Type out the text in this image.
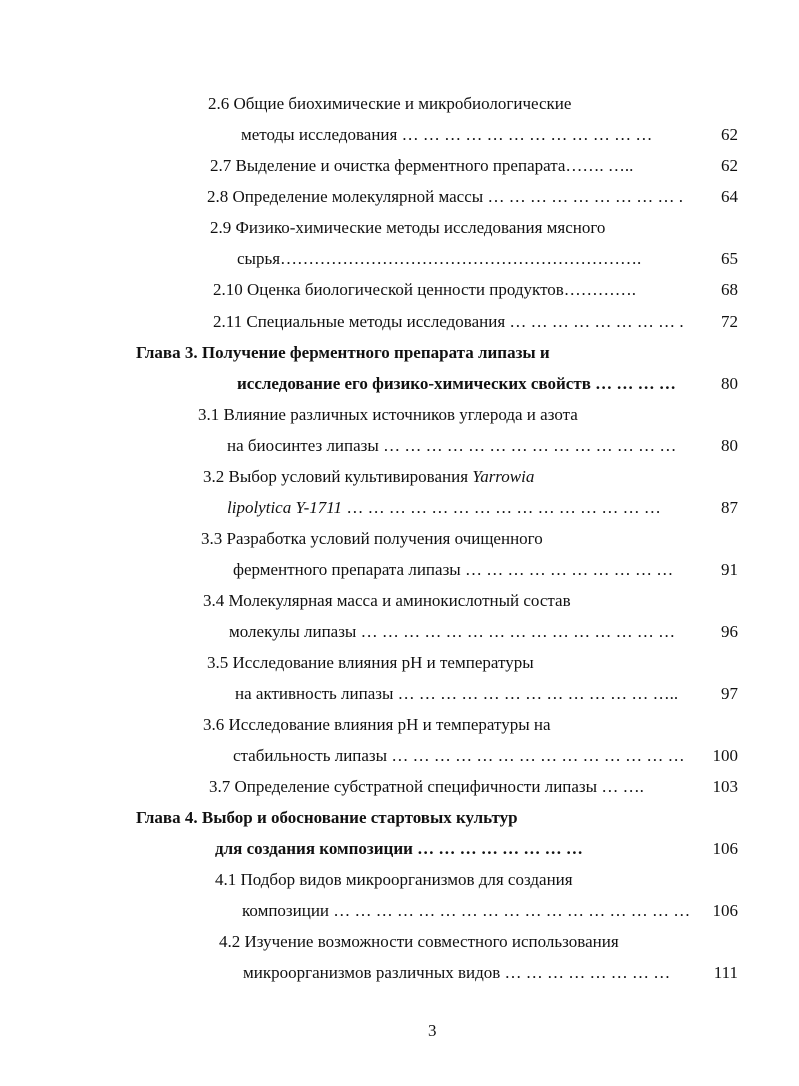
2.6 Общие биохимические и микробиологические
методы исследования … … … … … … … … … … … …	62
2.7 Выделение и очистка ферментного препарата……. …..	62
2.8 Определение молекулярной массы … … … … … … … … … .	64
2.9 Физико-химические методы исследования мясного
сырья……………………………………………………….	65
2.10 Оценка биологической ценности продуктов………….	68
2.11 Специальные методы исследования … … … … … … … … .	72
Глава 3. Получение ферментного препарата липазы и
исследование его физико-химических свойств … … … …	80
3.1 Влияние различных источников углерода и азота
на биосинтез липазы … … … … … … … … … … … … … …	80
3.2 Выбор условий культивирования Yarrowia
lipolytica Y-1711 … … … … … … … … … … … … … … …	87
3.3 Разработка условий получения очищенного
ферментного препарата липазы … … … … … … … … … …	91
3.4 Молекулярная масса и аминокислотный состав
молекулы липазы … … … … … … … … … … … … … … …	96
3.5 Исследование влияния рН и температуры
на активность липазы … … … … … … … … … … … … …..	97
3.6 Исследование влияния рН и температуры на
стабильность липазы … … … … … … … … … … … … … …	100
3.7 Определение субстратной специфичности липазы … ….	103
Глава 4. Выбор и обоснование стартовых культур
для создания композиции … … … … … … … …	106
4.1 Подбор видов микроорганизмов для создания
композиции … … … … … … … … … … … … … … … … …	106
4.2 Изучение возможности совместного использования
микроорганизмов различных видов … … … … … … … …	111
3
